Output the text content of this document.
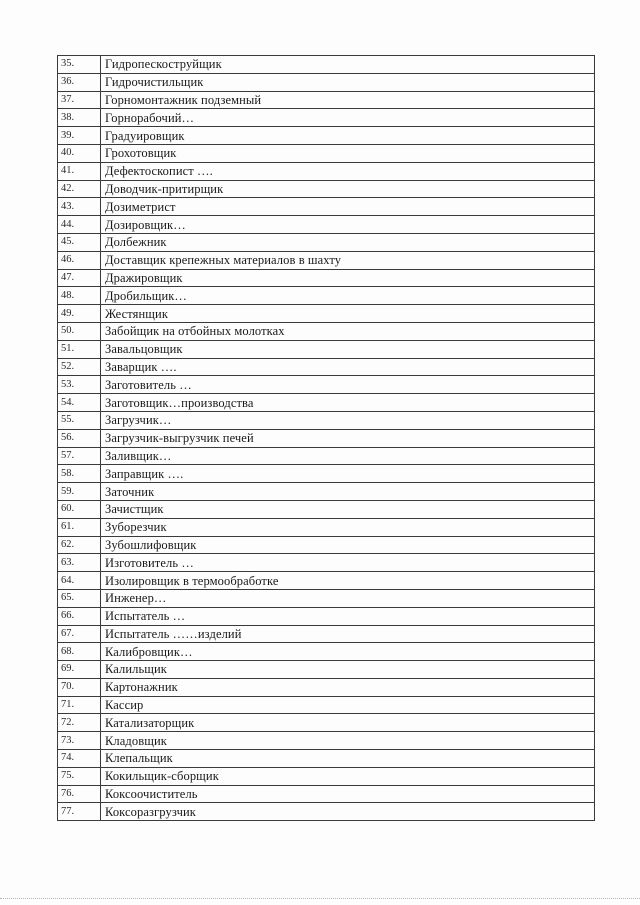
35.	Гидропескоструйщик
36.	Гидрочистильщик
37.	Горномонтажник подземный
38.	Горнорабочий…
39.	Градуировщик
40.	Грохотовщик
41.	Дефектоскопист ….
42.	Доводчик-притирщик
43.	Дозиметрист
44.	Дозировщик…
45.	Долбежник
46.	Доставщик крепежных материалов в шахту
47.	Дражировщик
48.	Дробильщик…
49.	Жестянщик
50.	Забойщик на отбойных молотках
51.	Завальцовщик
52.	Заварщик ….
53.	Заготовитель …
54.	Заготовщик…производства
55.	Загрузчик…
56.	Загрузчик-выгрузчик печей
57.	Заливщик…
58.	Заправщик ….
59.	Заточник
60.	Зачистщик
61.	Зуборезчик
62.	Зубошлифовщик
63.	Изготовитель …
64.	Изолировщик в термообработке
65.	Инженер…
66.	Испытатель …
67.	Испытатель ……изделий
68.	Калибровщик…
69.	Калильщик
70.	Картонажник
71.	Кассир
72.	Катализаторщик
73.	Кладовщик
74.	Клепальщик
75.	Кокильщик-сборщик
76.	Коксоочиститель
77.	Коксоразгрузчик
